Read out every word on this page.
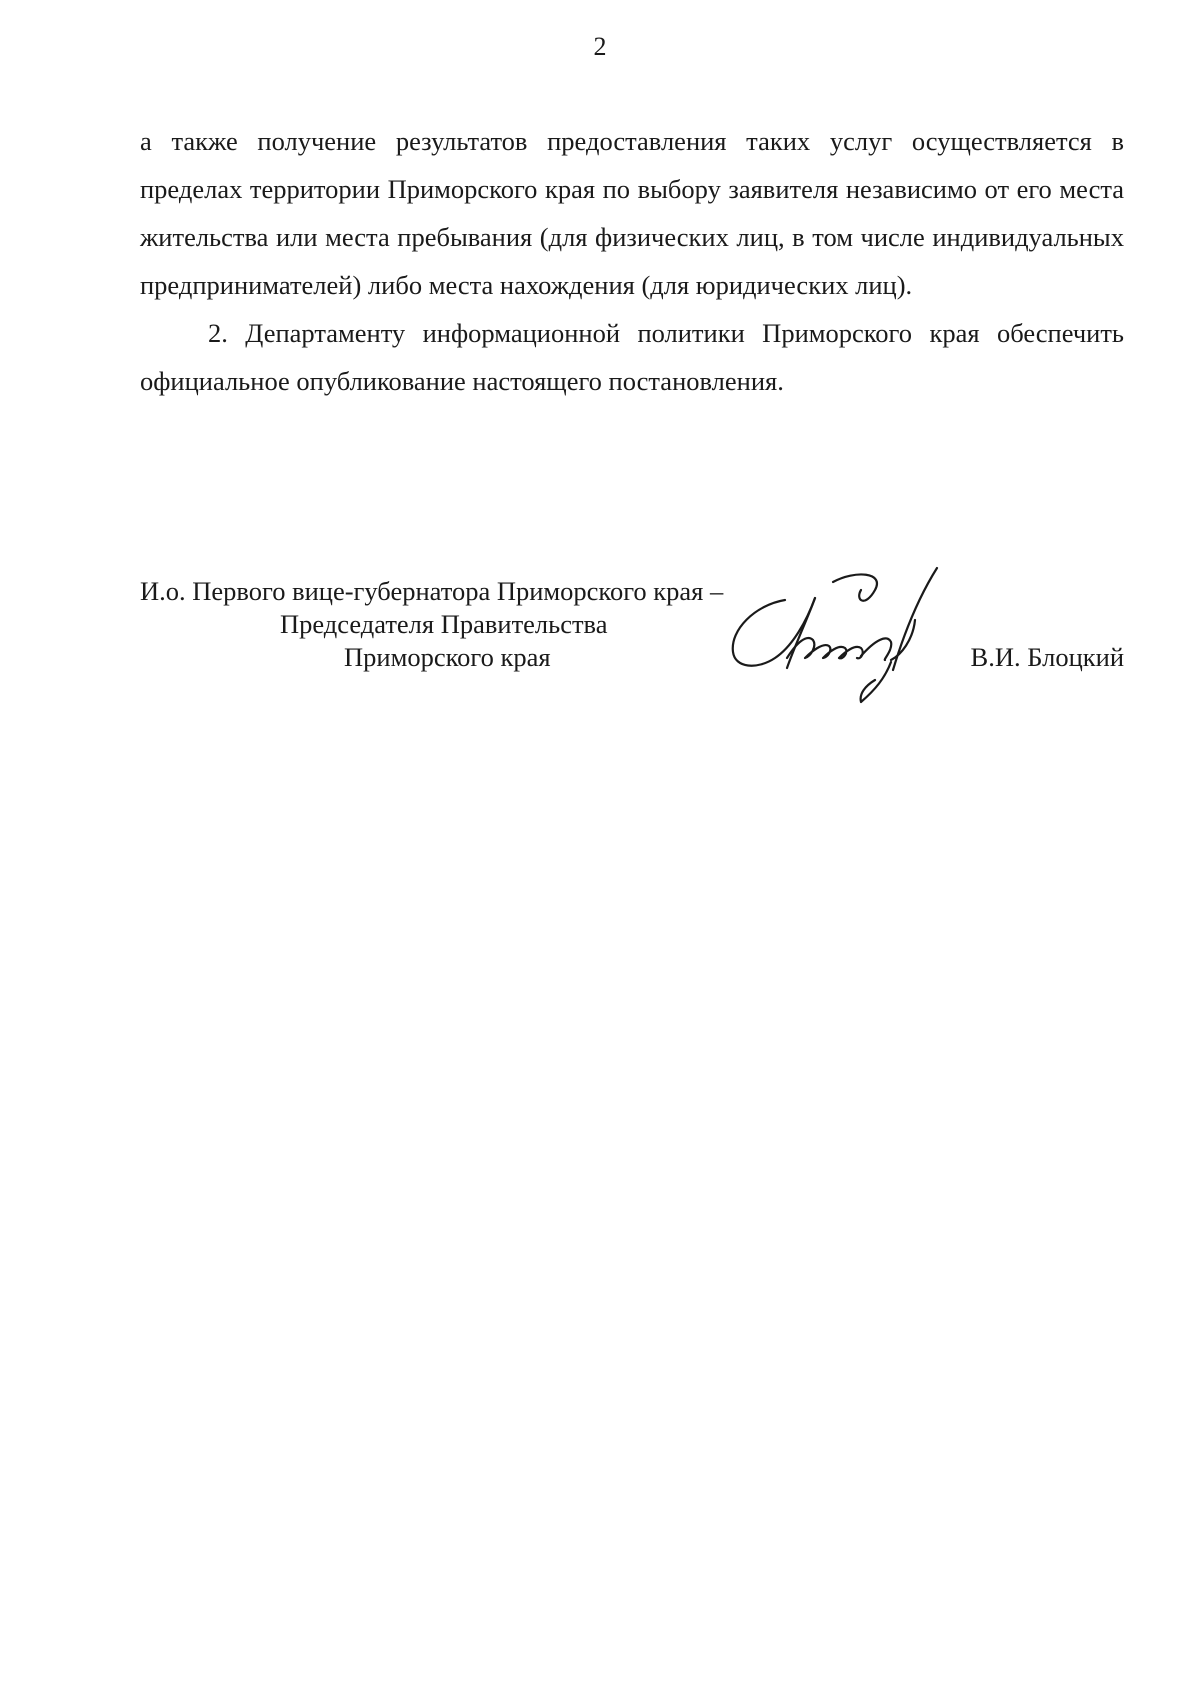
2

а также получение результатов предоставления таких услуг осуществляется в пределах территории Приморского края по выбору заявителя независимо от его места жительства или места пребывания (для физических лиц, в том числе индивидуальных предпринимателей) либо места нахождения (для юридических лиц).

2. Департаменту информационной политики Приморского края обеспечить официальное опубликование настоящего постановления.

И.о. Первого вице-губернатора Приморского края –
Председателя Правительства
Приморского края	В.И. Блоцкий
